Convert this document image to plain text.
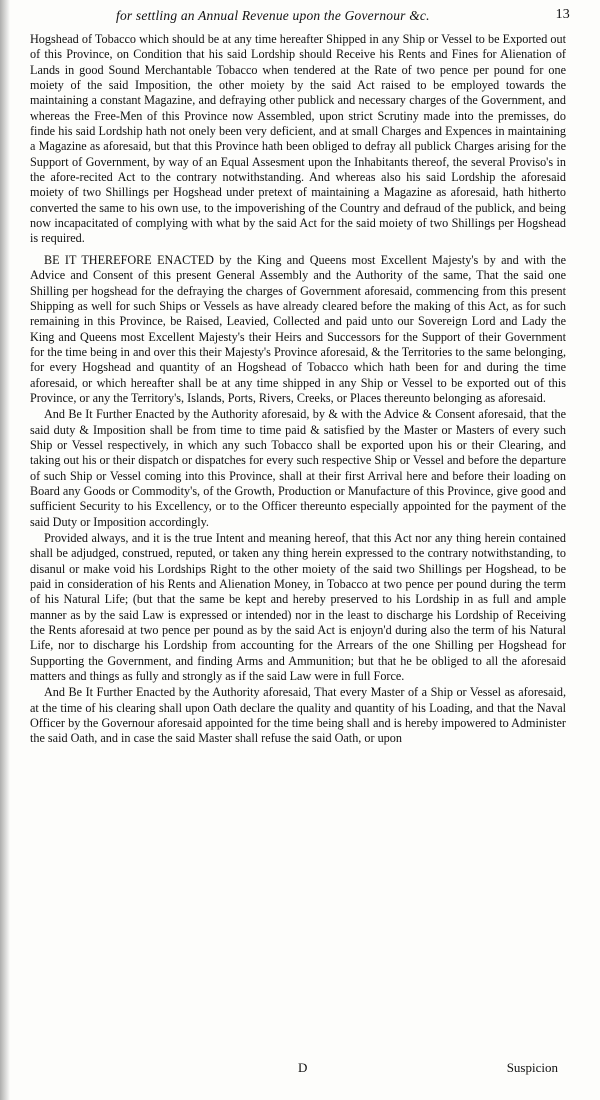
for settling an Annual Revenue upon the Governour &c.	13

Hogshead of Tobacco which should be at any time hereafter Shipped in any Ship or Vessel to be Exported out of this Province, on Condition that his said Lordship should Receive his Rents and Fines for Alienation of Lands in good Sound Merchantable Tobacco when tendered at the Rate of two pence per pound for one moiety of the said Imposition, the other moiety by the said Act raised to be employed towards the maintaining a constant Magazine, and defraying other publick and necessary charges of the Government, and whereas the Free-Men of this Province now Assembled, upon strict Scrutiny made into the premisses, do finde his said Lordship hath not onely been very deficient, and at small Charges and Expences in maintaining a Magazine as aforesaid, but that this Province hath been obliged to defray all publick Charges arising for the Support of Government, by way of an Equal Assesment upon the Inhabitants thereof, the several Proviso's in the afore-recited Act to the contrary notwithstanding. And whereas also his said Lordship the aforesaid moiety of two Shillings per Hogshead under pretext of maintaining a Magazine as aforesaid, hath hitherto converted the same to his own use, to the impoverishing of the Country and defraud of the publick, and being now incapacitated of complying with what by the said Act for the said moiety of two Shillings per Hogshead is required.

BE IT THEREFORE ENACTED by the King and Queens most Excellent Majesty's by and with the Advice and Consent of this present General Assembly and the Authority of the same, That the said one Shilling per hogshead for the defraying the charges of Government aforesaid, commencing from this present Shipping as well for such Ships or Vessels as have already cleared before the making of this Act, as for such remaining in this Province, be Raised, Leavied, Collected and paid unto our Sovereign Lord and Lady the King and Queens most Excellent Majesty's their Heirs and Successors for the Support of their Government for the time being in and over this their Majesty's Province aforesaid, & the Territories to the same belonging, for every Hogshead and quantity of an Hogshead of Tobacco which hath been for and during the time aforesaid, or which hereafter shall be at any time shipped in any Ship or Vessel to be exported out of this Province, or any the Territory's, Islands, Ports, Rivers, Creeks, or Places thereunto belonging as aforesaid.

And Be It Further Enacted by the Authority aforesaid, by & with the Advice & Consent aforesaid, that the said duty & Imposition shall be from time to time paid & satisfied by the Master or Masters of every such Ship or Vessel respectively, in which any such Tobacco shall be exported upon his or their Clearing, and taking out his or their dispatch or dispatches for every such respective Ship or Vessel and before the departure of such Ship or Vessel coming into this Province, shall at their first Arrival here and before their loading on Board any Goods or Commodity's, of the Growth, Production or Manufacture of this Province, give good and sufficient Security to his Excellency, or to the Officer thereunto especially appointed for the payment of the said Duty or Imposition accordingly.

Provided always, and it is the true Intent and meaning hereof, that this Act nor any thing herein contained shall be adjudged, construed, reputed, or taken any thing herein expressed to the contrary notwithstanding, to disanul or make void his Lordships Right to the other moiety of the said two Shillings per Hogshead, to be paid in consideration of his Rents and Alienation Money, in Tobacco at two pence per pound during the term of his Natural Life; (but that the same be kept and hereby preserved to his Lordship in as full and ample manner as by the said Law is expressed or intended) nor in the least to discharge his Lordship of Receiving the Rents aforesaid at two pence per pound as by the said Act is enjoyn'd during also the term of his Natural Life, nor to discharge his Lordship from accounting for the Arrears of the one Shilling per Hogshead for Supporting the Government, and finding Arms and Ammunition; but that he be obliged to all the aforesaid matters and things as fully and strongly as if the said Law were in full Force.

And Be It Further Enacted by the Authority aforesaid, That every Master of a Ship or Vessel as aforesaid, at the time of his clearing shall upon Oath declare the quality and quantity of his Loading, and that the Naval Officer by the Governour aforesaid appointed for the time being shall and is hereby impowered to Administer the said Oath, and in case the said Master shall refuse the said Oath, or upon

D	Suspicion
